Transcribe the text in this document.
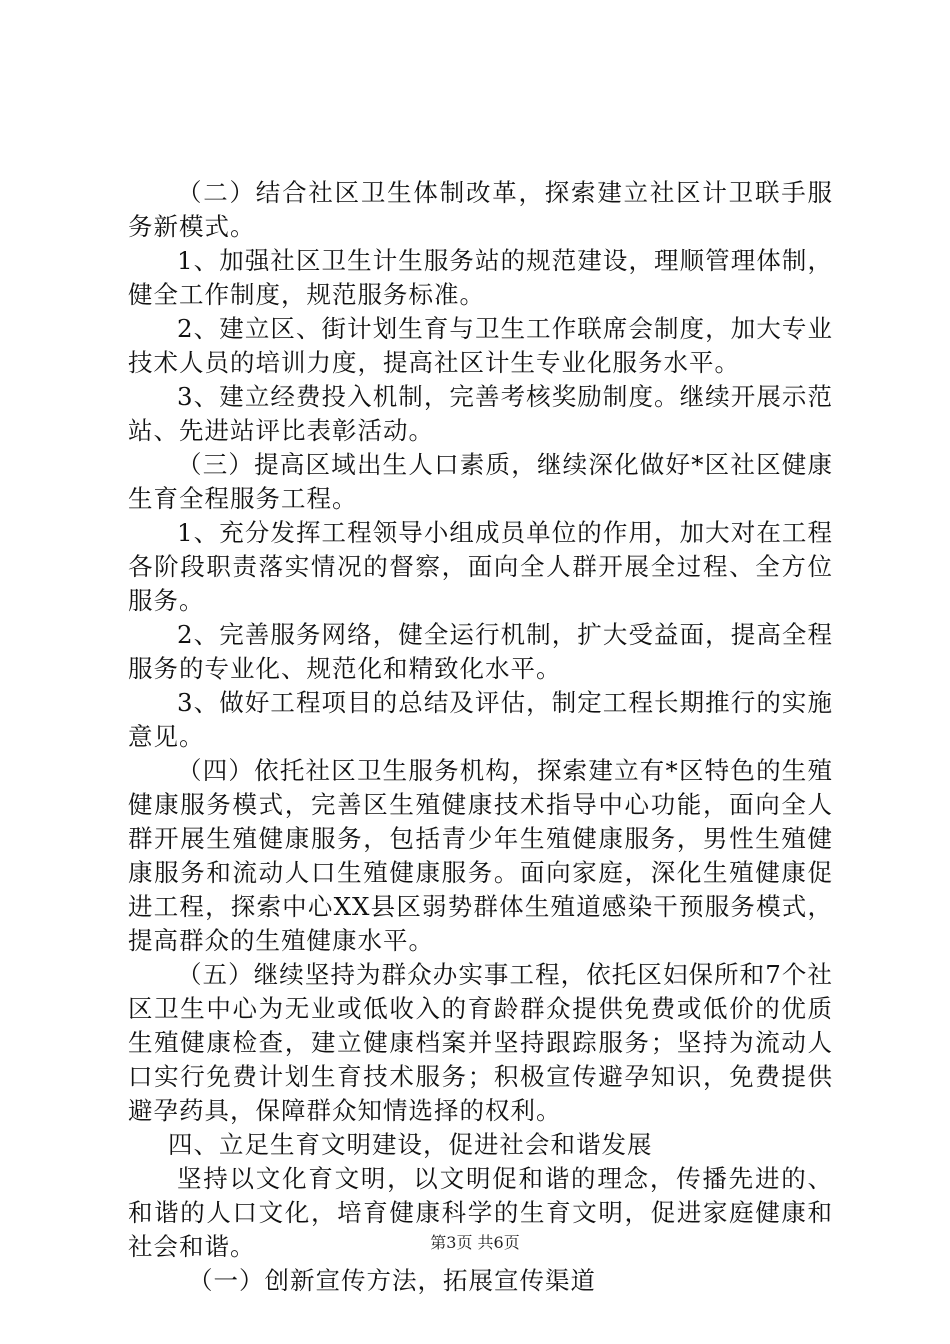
（二）结合社区卫生体制改革，探索建立社区计卫联手服务新模式。

1、加强社区卫生计生服务站的规范建设，理顺管理体制，健全工作制度，规范服务标准。

2、建立区、街计划生育与卫生工作联席会制度，加大专业技术人员的培训力度，提高社区计生专业化服务水平。

3、建立经费投入机制，完善考核奖励制度。继续开展示范站、先进站评比表彰活动。

（三）提高区域出生人口素质，继续深化做好*区社区健康生育全程服务工程。

1、充分发挥工程领导小组成员单位的作用，加大对在工程各阶段职责落实情况的督察，面向全人群开展全过程、全方位服务。

2、完善服务网络，健全运行机制，扩大受益面，提高全程服务的专业化、规范化和精致化水平。

3、做好工程项目的总结及评估，制定工程长期推行的实施意见。

（四）依托社区卫生服务机构，探索建立有*区特色的生殖健康服务模式，完善区生殖健康技术指导中心功能，面向全人群开展生殖健康服务，包括青少年生殖健康服务，男性生殖健康服务和流动人口生殖健康服务。面向家庭，深化生殖健康促进工程，探索中心XX县区弱势群体生殖道感染干预服务模式，提高群众的生殖健康水平。

（五）继续坚持为群众办实事工程，依托区妇保所和7个社区卫生中心为无业或低收入的育龄群众提供免费或低价的优质生殖健康检查，建立健康档案并坚持跟踪服务；坚持为流动人口实行免费计划生育技术服务；积极宣传避孕知识，免费提供避孕药具，保障群众知情选择的权利。

四、立足生育文明建设，促进社会和谐发展

坚持以文化育文明，以文明促和谐的理念，传播先进的、和谐的人口文化，培育健康科学的生育文明，促进家庭健康和社会和谐。

（一）创新宣传方法，拓展宣传渠道

第3页 共6页
